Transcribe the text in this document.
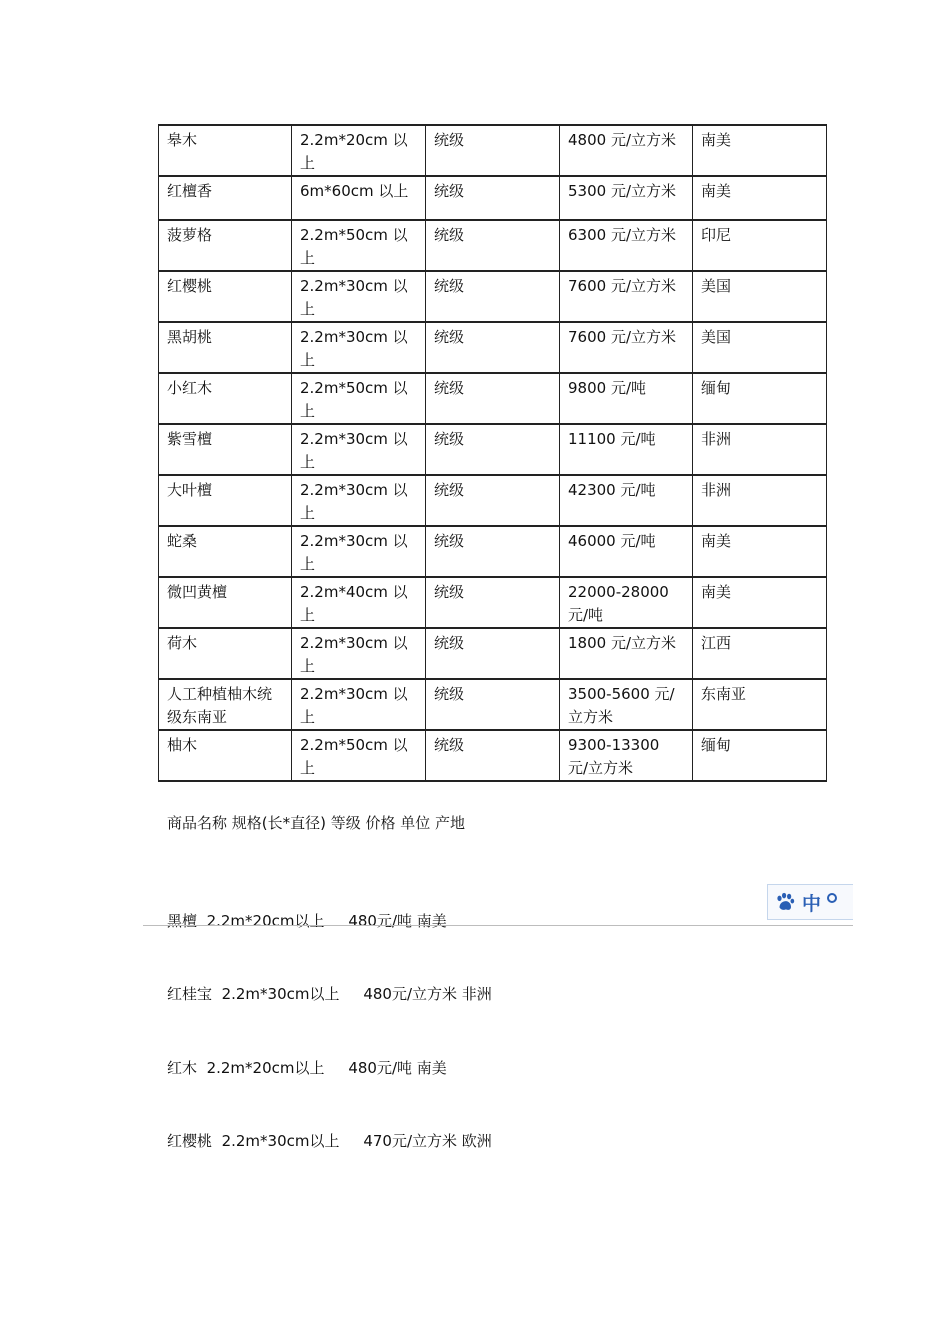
皋木	2.2m*20cm 以上	统级	4800 元/立方米	南美
红檀香	6m*60cm 以上	统级	5300 元/立方米	南美
菠萝格	2.2m*50cm 以上	统级	6300 元/立方米	印尼
红樱桃	2.2m*30cm 以上	统级	7600 元/立方米	美国
黑胡桃	2.2m*30cm 以上	统级	7600 元/立方米	美国
小红木	2.2m*50cm 以上	统级	9800 元/吨	缅甸
紫雪檀	2.2m*30cm 以上	统级	11100 元/吨	非洲
大叶檀	2.2m*30cm 以上	统级	42300 元/吨	非洲
蛇桑	2.2m*30cm 以上	统级	46000 元/吨	南美
微凹黄檀	2.2m*40cm 以上	统级	22000-28000 元/吨	南美
荷木	2.2m*30cm 以上	统级	1800 元/立方米	江西
人工种植柚木统级东南亚	2.2m*30cm 以上	统级	3500-5600 元/立方米	东南亚
柚木	2.2m*50cm 以上	统级	9300-13300 元/立方米	缅甸

商品名称 规格(长*直径) 等级 价格 单位 产地

黑檀 2.2m*20cm以上 480元/吨 南美

红桂宝 2.2m*30cm以上 480元/立方米 非洲

红木 2.2m*20cm以上 480元/吨 南美

红樱桃 2.2m*30cm以上 470元/立方米 欧洲

中
